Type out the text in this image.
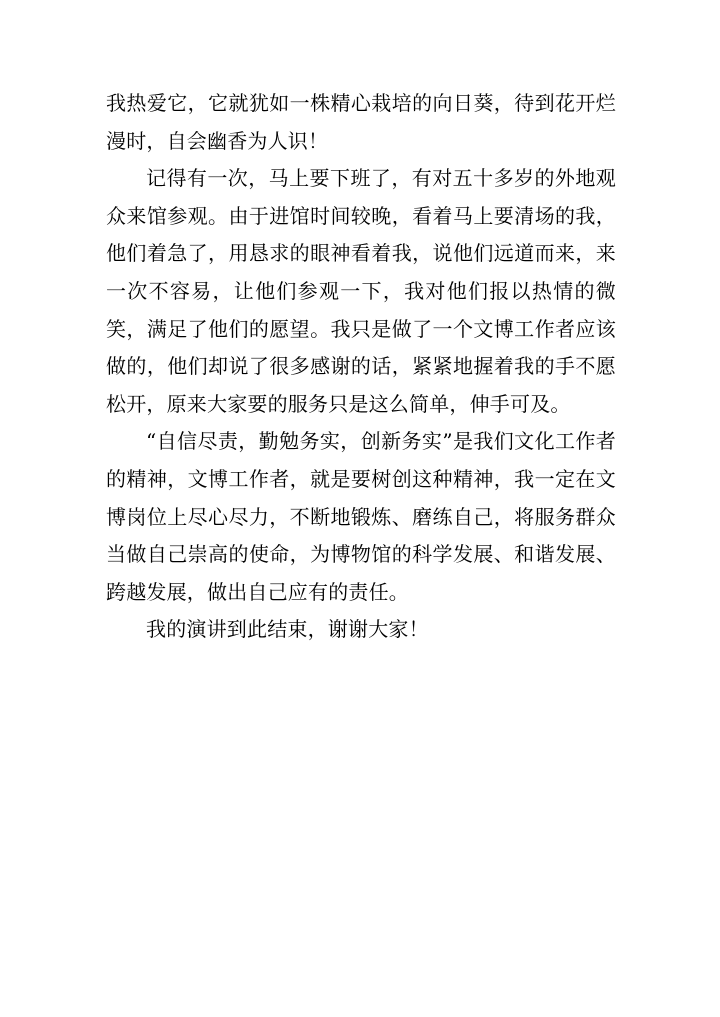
我热爱它，它就犹如一株精心栽培的向日葵，待到花开烂漫时，自会幽香为人识！

记得有一次，马上要下班了，有对五十多岁的外地观众来馆参观。由于进馆时间较晚，看着马上要清场的我，他们着急了，用恳求的眼神看着我，说他们远道而来，来一次不容易，让他们参观一下，我对他们报以热情的微笑，满足了他们的愿望。我只是做了一个文博工作者应该做的，他们却说了很多感谢的话，紧紧地握着我的手不愿松开，原来大家要的服务只是这么简单，伸手可及。

“自信尽责，勤勉务实，创新务实”是我们文化工作者的精神，文博工作者，就是要树创这种精神，我一定在文博岗位上尽心尽力，不断地锻炼、磨练自己，将服务群众当做自己崇高的使命，为博物馆的科学发展、和谐发展、跨越发展，做出自己应有的责任。

我的演讲到此结束，谢谢大家！
